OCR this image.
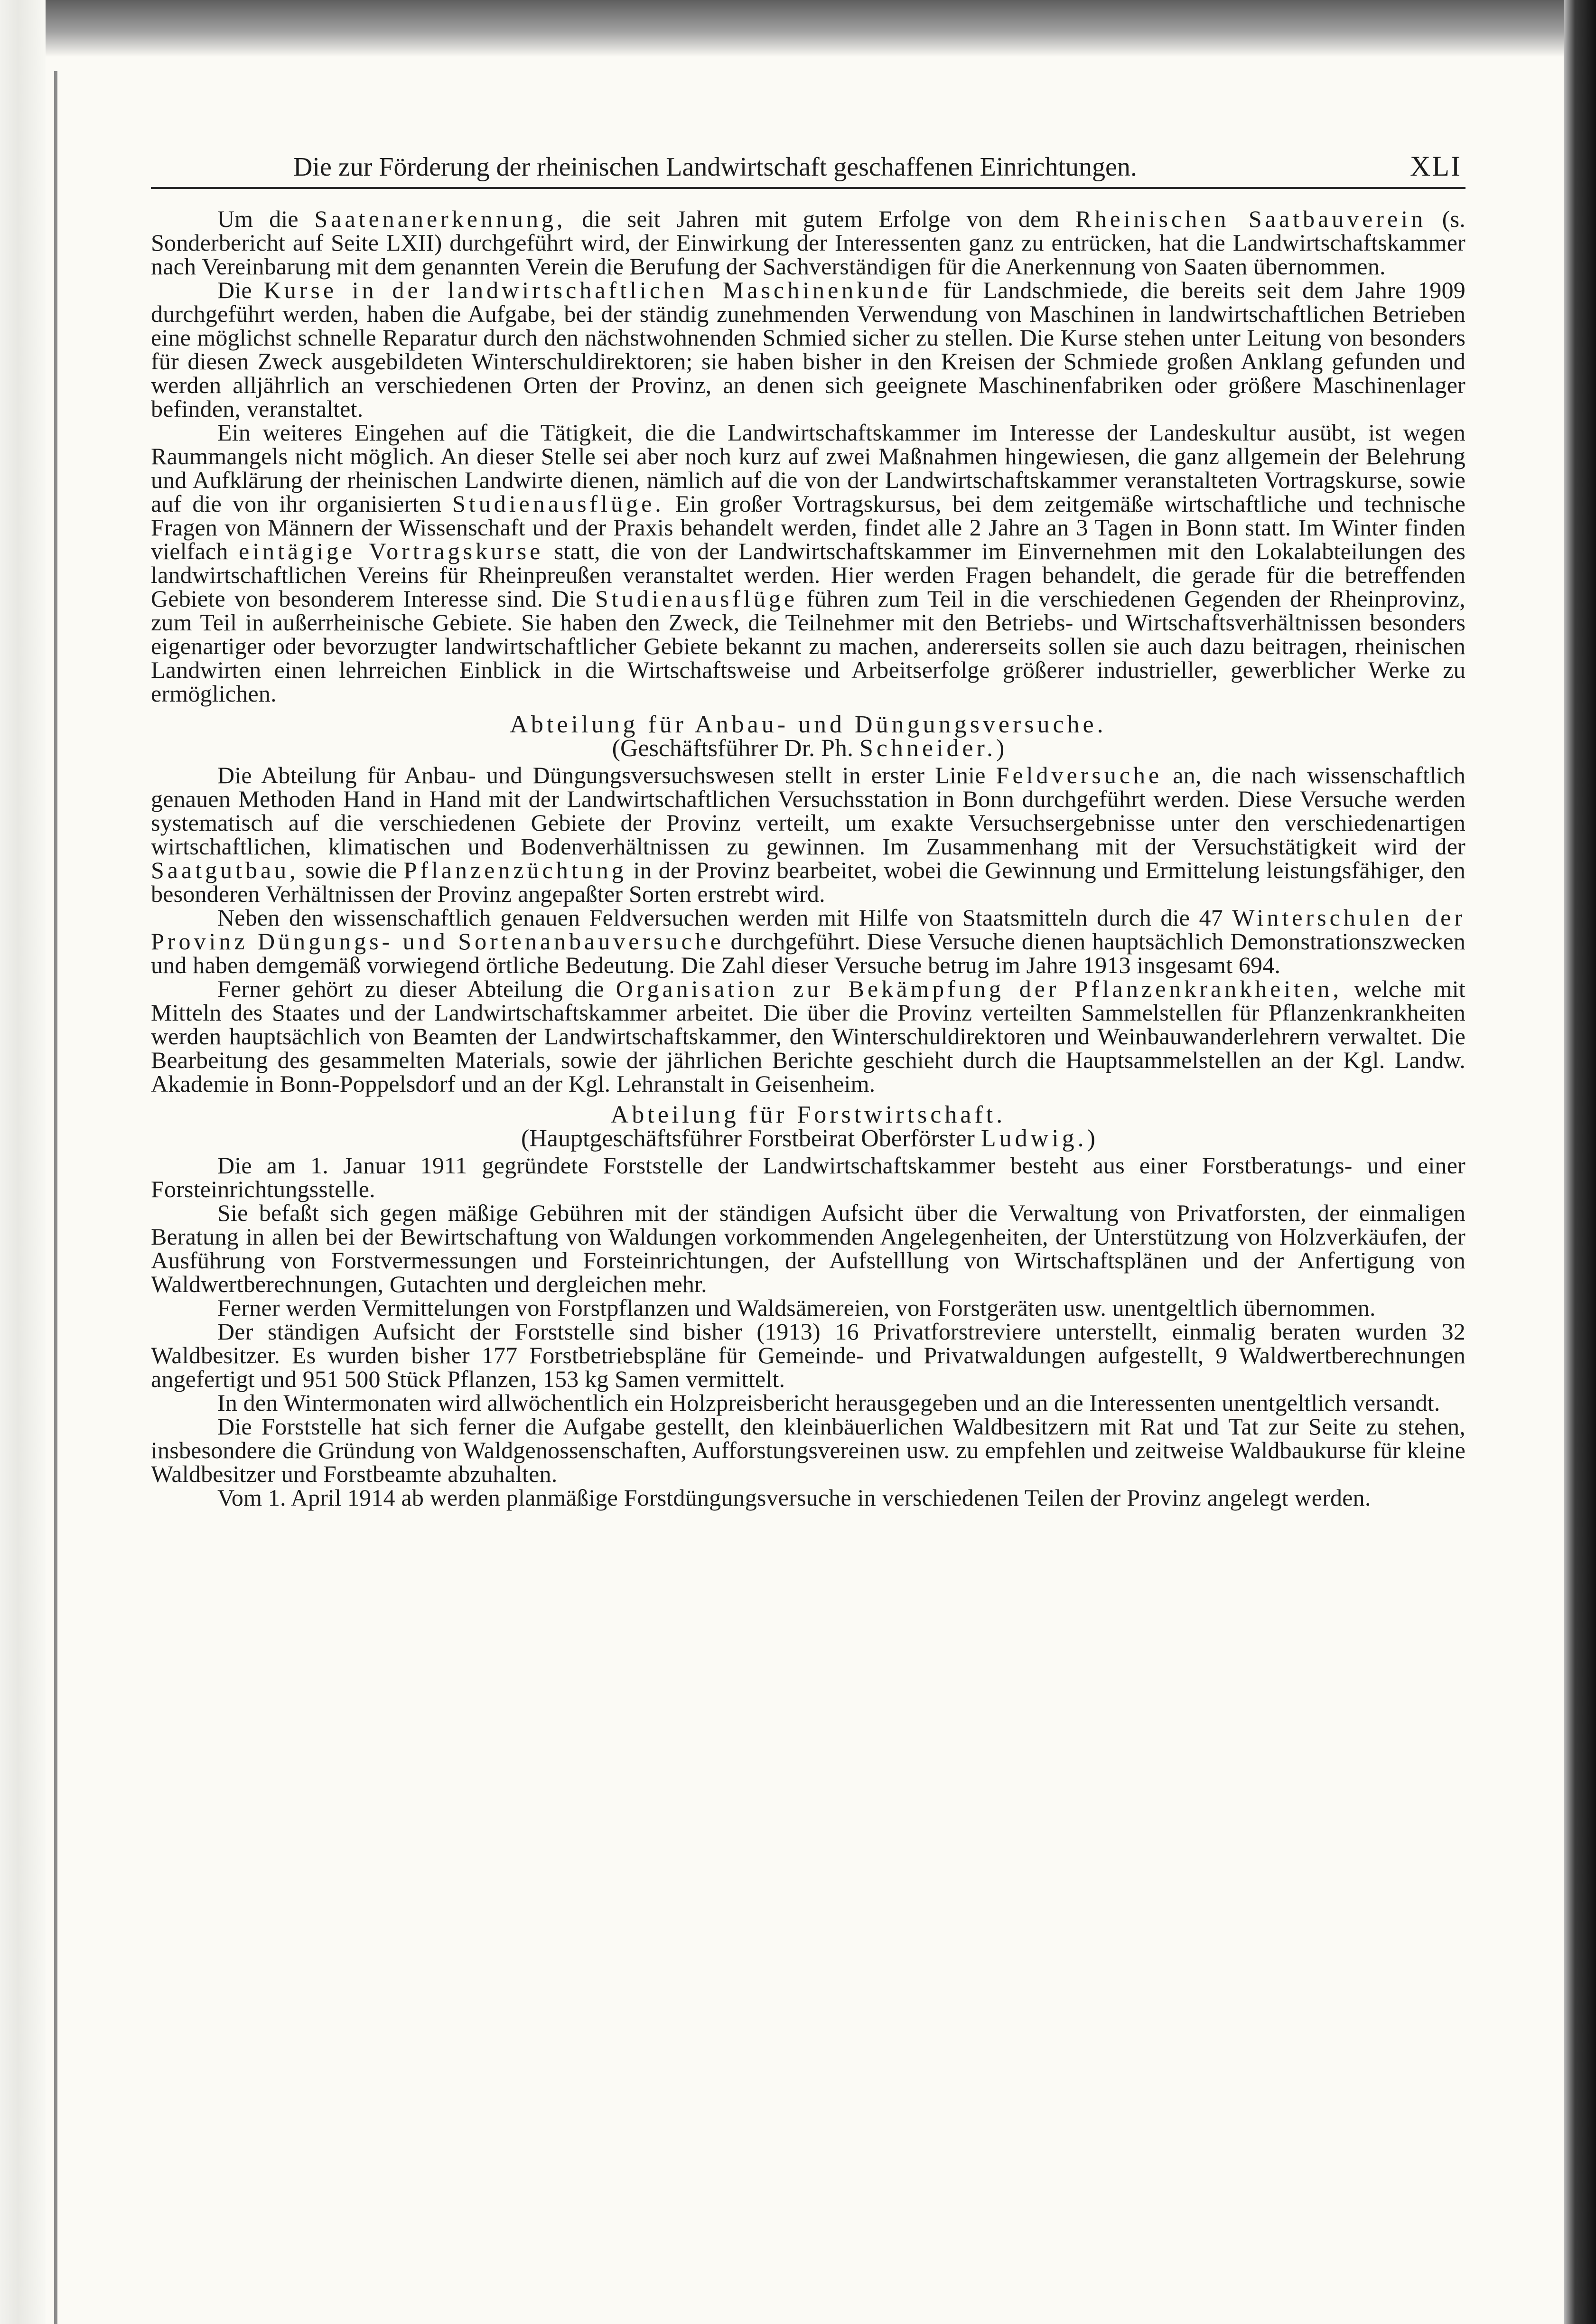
Die zur Förderung der rheinischen Landwirtschaft geschaffenen Einrichtungen.	XLI

Um die Saatenanerkennung, die seit Jahren mit gutem Erfolge von dem Rheinischen Saatbauverein (s. Sonderbericht auf Seite LXII) durchgeführt wird, der Einwirkung der Interessenten ganz zu entrücken, hat die Landwirtschaftskammer nach Vereinbarung mit dem genannten Verein die Berufung der Sachverständigen für die Anerkennung von Saaten übernommen.

Die Kurse in der landwirtschaftlichen Maschinenkunde für Landschmiede, die bereits seit dem Jahre 1909 durchgeführt werden, haben die Aufgabe, bei der ständig zunehmenden Verwendung von Maschinen in landwirtschaftlichen Betrieben eine möglichst schnelle Reparatur durch den nächstwohnenden Schmied sicher zu stellen. Die Kurse stehen unter Leitung von besonders für diesen Zweck ausgebildeten Winterschuldirektoren; sie haben bisher in den Kreisen der Schmiede großen Anklang gefunden und werden alljährlich an verschiedenen Orten der Provinz, an denen sich geeignete Maschinenfabriken oder größere Maschinenlager befinden, veranstaltet.

Ein weiteres Eingehen auf die Tätigkeit, die die Landwirtschaftskammer im Interesse der Landeskultur ausübt, ist wegen Raummangels nicht möglich. An dieser Stelle sei aber noch kurz auf zwei Maßnahmen hingewiesen, die ganz allgemein der Belehrung und Aufklärung der rheinischen Landwirte dienen, nämlich auf die von der Landwirtschaftskammer veranstalteten Vortragskurse, sowie auf die von ihr organisierten Studienausflüge. Ein großer Vortragskursus, bei dem zeitgemäße wirtschaftliche und technische Fragen von Männern der Wissenschaft und der Praxis behandelt werden, findet alle 2 Jahre an 3 Tagen in Bonn statt. Im Winter finden vielfach eintägige Vortragskurse statt, die von der Landwirtschaftskammer im Einvernehmen mit den Lokalabteilungen des landwirtschaftlichen Vereins für Rheinpreußen veranstaltet werden. Hier werden Fragen behandelt, die gerade für die betreffenden Gebiete von besonderem Interesse sind. Die Studienausflüge führen zum Teil in die verschiedenen Gegenden der Rheinprovinz, zum Teil in außerrheinische Gebiete. Sie haben den Zweck, die Teilnehmer mit den Betriebs- und Wirtschaftsverhältnissen besonders eigenartiger oder bevorzugter landwirtschaftlicher Gebiete bekannt zu machen, andererseits sollen sie auch dazu beitragen, rheinischen Landwirten einen lehrreichen Einblick in die Wirtschaftsweise und Arbeitserfolge größerer industrieller, gewerblicher Werke zu ermöglichen.

Abteilung für Anbau- und Düngungsversuche.
(Geschäftsführer Dr. Ph. Schneider.)

Die Abteilung für Anbau- und Düngungsversuchswesen stellt in erster Linie Feldversuche an, die nach wissenschaftlich genauen Methoden Hand in Hand mit der Landwirtschaftlichen Versuchsstation in Bonn durchgeführt werden. Diese Versuche werden systematisch auf die verschiedenen Gebiete der Provinz verteilt, um exakte Versuchsergebnisse unter den verschiedenartigen wirtschaftlichen, klimatischen und Bodenverhältnissen zu gewinnen. Im Zusammenhang mit der Versuchstätigkeit wird der Saatgutbau, sowie die Pflanzenzüchtung in der Provinz bearbeitet, wobei die Gewinnung und Ermittelung leistungsfähiger, den besonderen Verhältnissen der Provinz angepaßter Sorten erstrebt wird.

Neben den wissenschaftlich genauen Feldversuchen werden mit Hilfe von Staatsmitteln durch die 47 Winterschulen der Provinz Düngungs- und Sortenanbauversuche durchgeführt. Diese Versuche dienen hauptsächlich Demonstrationszwecken und haben demgemäß vorwiegend örtliche Bedeutung. Die Zahl dieser Versuche betrug im Jahre 1913 insgesamt 694.

Ferner gehört zu dieser Abteilung die Organisation zur Bekämpfung der Pflanzenkrankheiten, welche mit Mitteln des Staates und der Landwirtschaftskammer arbeitet. Die über die Provinz verteilten Sammelstellen für Pflanzenkrankheiten werden hauptsächlich von Beamten der Landwirtschaftskammer, den Winterschuldirektoren und Weinbauwanderlehrern verwaltet. Die Bearbeitung des gesammelten Materials, sowie der jährlichen Berichte geschieht durch die Hauptsammelstellen an der Kgl. Landw. Akademie in Bonn-Poppelsdorf und an der Kgl. Lehranstalt in Geisenheim.

Abteilung für Forstwirtschaft.
(Hauptgeschäftsführer Forstbeirat Oberförster Ludwig.)

Die am 1. Januar 1911 gegründete Forststelle der Landwirtschaftskammer besteht aus einer Forstberatungs- und einer Forsteinrichtungsstelle.

Sie befaßt sich gegen mäßige Gebühren mit der ständigen Aufsicht über die Verwaltung von Privatforsten, der einmaligen Beratung in allen bei der Bewirtschaftung von Waldungen vorkommenden Angelegenheiten, der Unterstützung von Holzverkäufen, der Ausführung von Forstvermessungen und Forsteinrichtungen, der Aufstelllung von Wirtschaftsplänen und der Anfertigung von Waldwertberechnungen, Gutachten und dergleichen mehr.

Ferner werden Vermittelungen von Forstpflanzen und Waldsämereien, von Forstgeräten usw. unentgeltlich übernommen.

Der ständigen Aufsicht der Forststelle sind bisher (1913) 16 Privatforstreviere unterstellt, einmalig beraten wurden 32 Waldbesitzer. Es wurden bisher 177 Forstbetriebspläne für Gemeinde- und Privatwaldungen aufgestellt, 9 Waldwertberechnungen angefertigt und 951 500 Stück Pflanzen, 153 kg Samen vermittelt.

In den Wintermonaten wird allwöchentlich ein Holzpreisbericht herausgegeben und an die Interessenten unentgeltlich versandt.

Die Forststelle hat sich ferner die Aufgabe gestellt, den kleinbäuerlichen Waldbesitzern mit Rat und Tat zur Seite zu stehen, insbesondere die Gründung von Waldgenossenschaften, Aufforstungsvereinen usw. zu empfehlen und zeitweise Waldbaukurse für kleine Waldbesitzer und Forstbeamte abzuhalten.

Vom 1. April 1914 ab werden planmäßige Forstdüngungsversuche in verschiedenen Teilen der Provinz angelegt werden.
